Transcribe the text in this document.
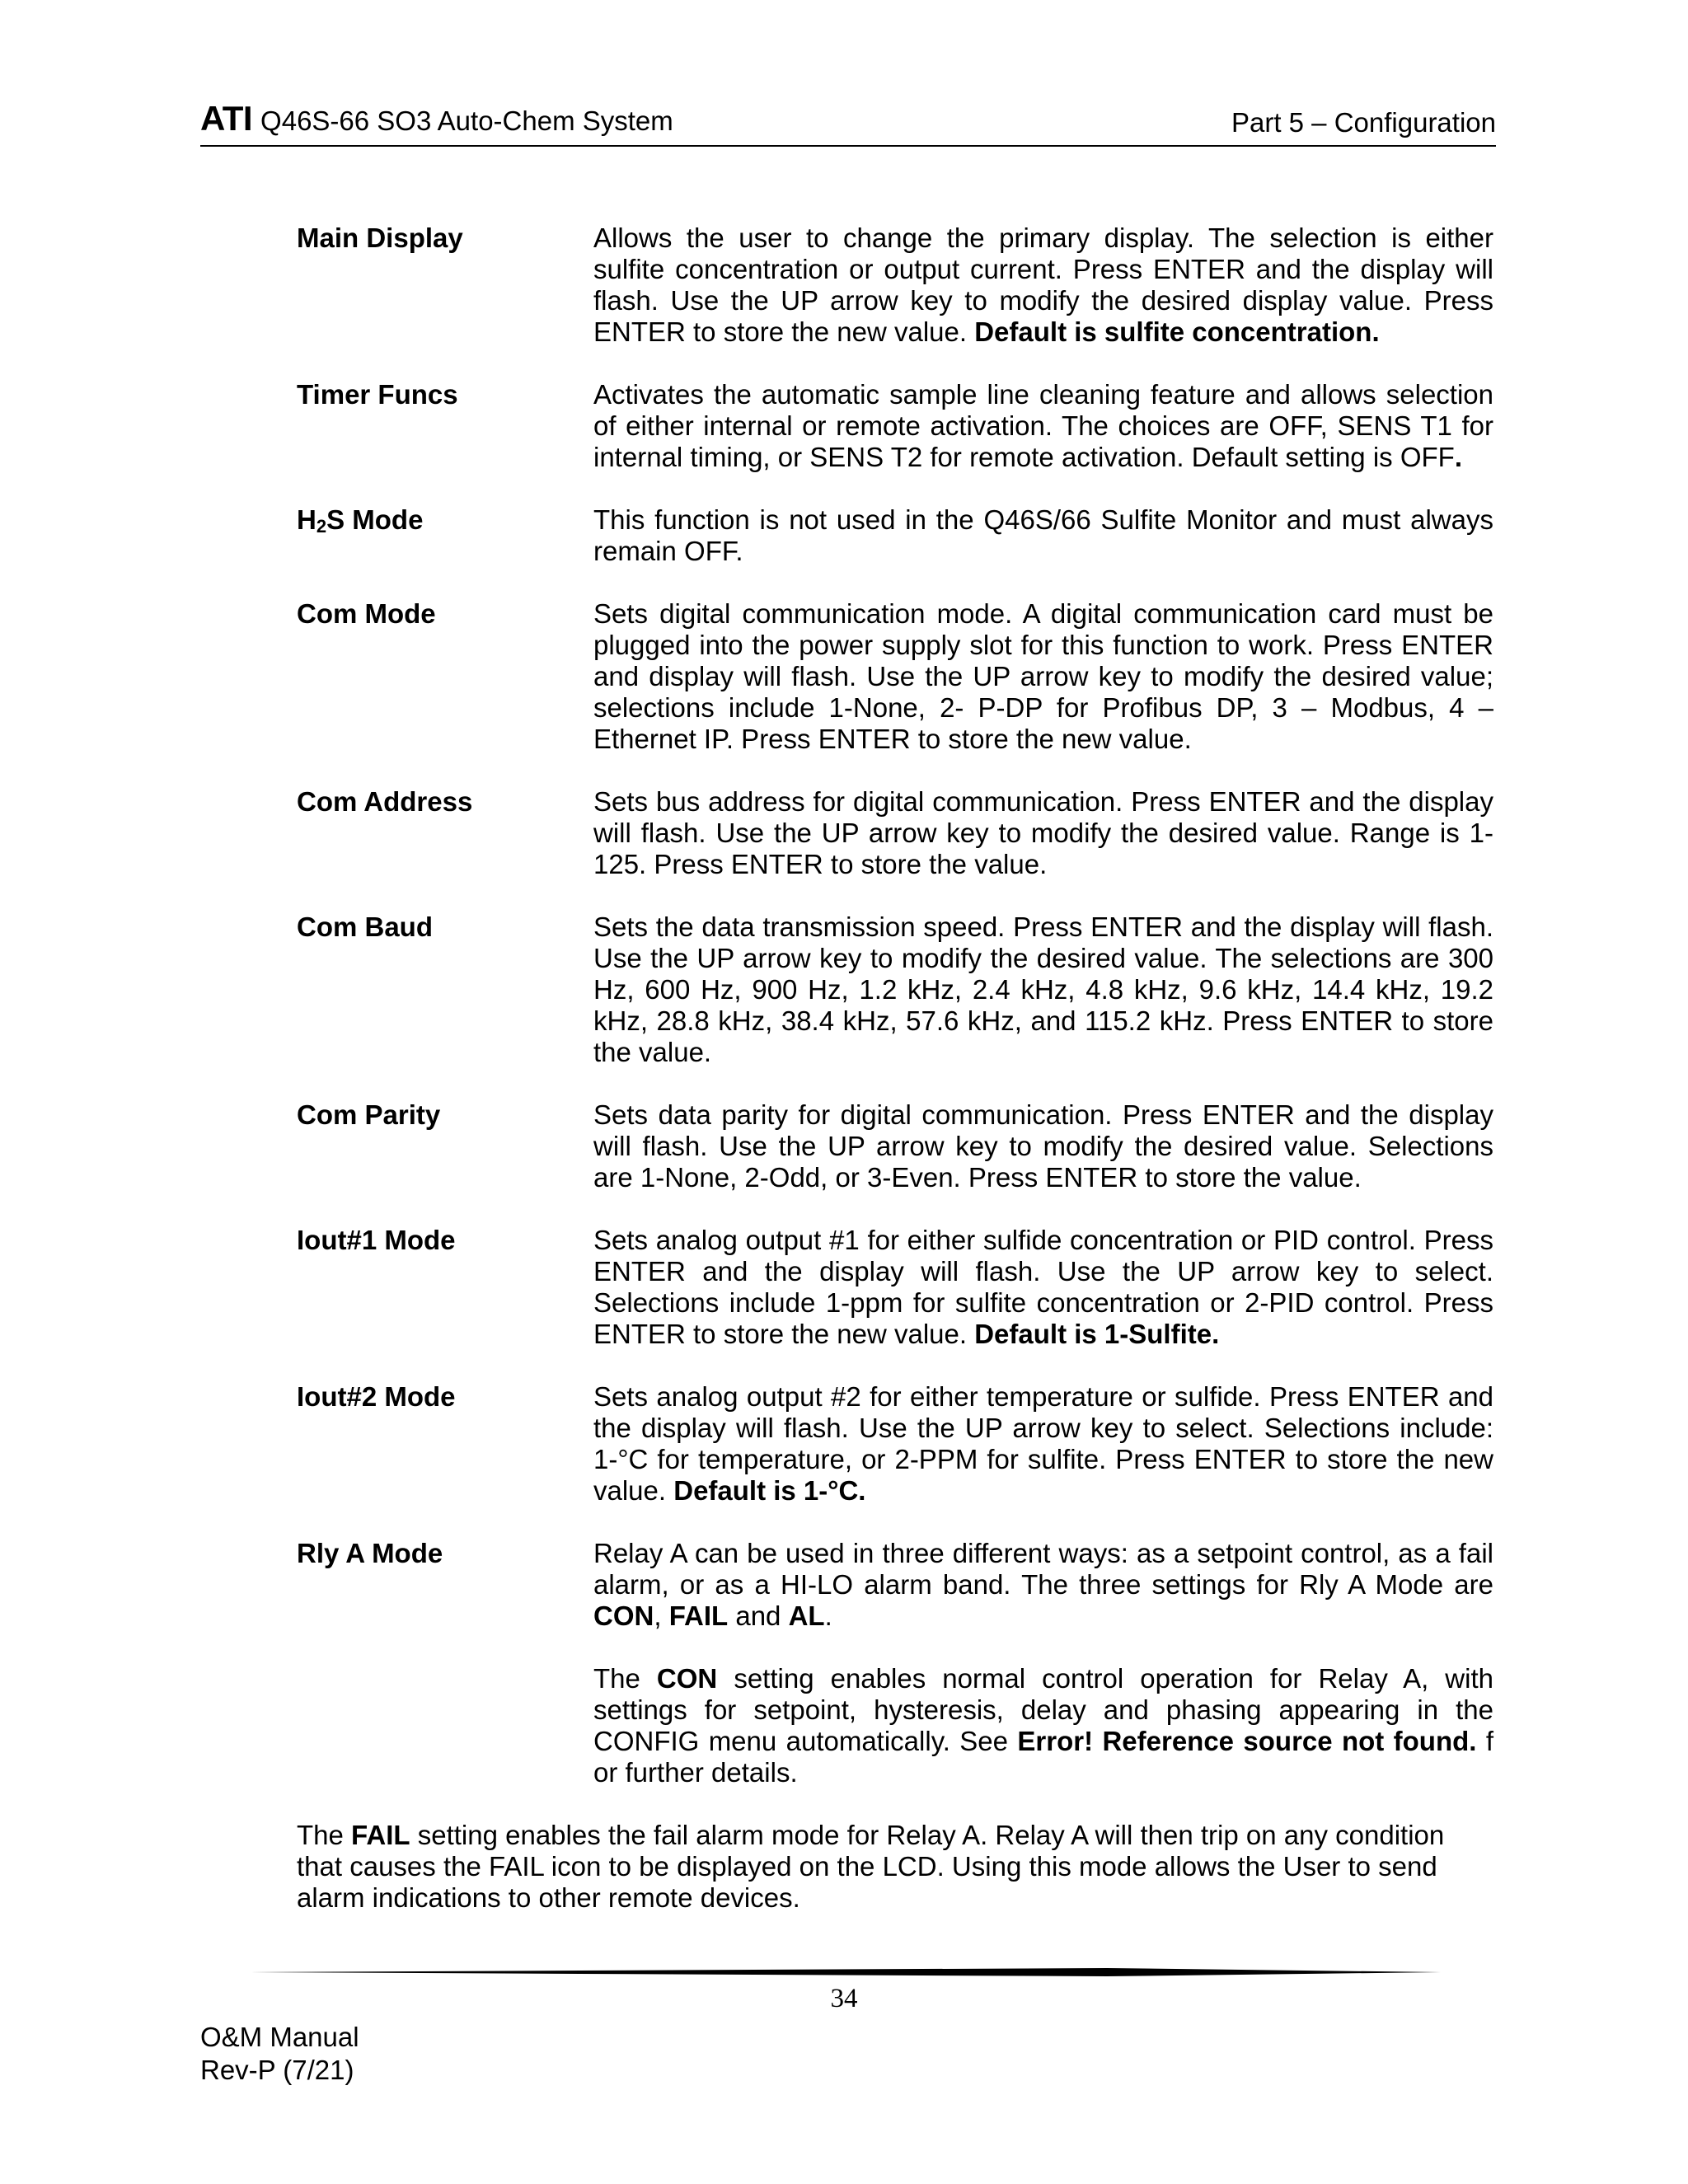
ATI Q46S-66 SO3 Auto-Chem System	Part 5 – Configuration
Main Display	Allows the user to change the primary display. The selection is either sulfite concentration or output current. Press ENTER and the display will flash. Use the UP arrow key to modify the desired display value. Press ENTER to store the new value. Default is sulfite concentration.
Timer Funcs	Activates the automatic sample line cleaning feature and allows selection of either internal or remote activation. The choices are OFF, SENS T1 for internal timing, or SENS T2 for remote activation. Default setting is OFF.
H2S Mode	This function is not used in the Q46S/66 Sulfite Monitor and must always remain OFF.
Com Mode	Sets digital communication mode. A digital communication card must be plugged into the power supply slot for this function to work. Press ENTER and display will flash. Use the UP arrow key to modify the desired value; selections include 1-None, 2- P-DP for Profibus DP, 3 – Modbus, 4 – Ethernet IP. Press ENTER to store the new value.
Com Address	Sets bus address for digital communication. Press ENTER and the display will flash. Use the UP arrow key to modify the desired value. Range is 1-125. Press ENTER to store the value.
Com Baud	Sets the data transmission speed. Press ENTER and the display will flash. Use the UP arrow key to modify the desired value. The selections are 300 Hz, 600 Hz, 900 Hz, 1.2 kHz, 2.4 kHz, 4.8 kHz, 9.6 kHz, 14.4 kHz, 19.2 kHz, 28.8 kHz, 38.4 kHz, 57.6 kHz, and 115.2 kHz. Press ENTER to store the value.
Com Parity	Sets data parity for digital communication. Press ENTER and the display will flash. Use the UP arrow key to modify the desired value. Selections are 1-None, 2-Odd, or 3-Even. Press ENTER to store the value.
Iout#1 Mode	Sets analog output #1 for either sulfide concentration or PID control. Press ENTER and the display will flash. Use the UP arrow key to select. Selections include 1-ppm for sulfite concentration or 2-PID control. Press ENTER to store the new value. Default is 1-Sulfite.
Iout#2 Mode	Sets analog output #2 for either temperature or sulfide. Press ENTER and the display will flash. Use the UP arrow key to select. Selections include: 1-°C for temperature, or 2-PPM for sulfite. Press ENTER to store the new value. Default is 1-°C.
Rly A Mode	Relay A can be used in three different ways: as a setpoint control, as a fail alarm, or as a HI-LO alarm band. The three settings for Rly A Mode are CON, FAIL and AL.
The CON setting enables normal control operation for Relay A, with settings for setpoint, hysteresis, delay and phasing appearing in the CONFIG menu automatically. See Error! Reference source not found. f or further details.
The FAIL setting enables the fail alarm mode for Relay A. Relay A will then trip on any condition that causes the FAIL icon to be displayed on the LCD. Using this mode allows the User to send alarm indications to other remote devices.
34
O&M Manual
Rev-P (7/21)
